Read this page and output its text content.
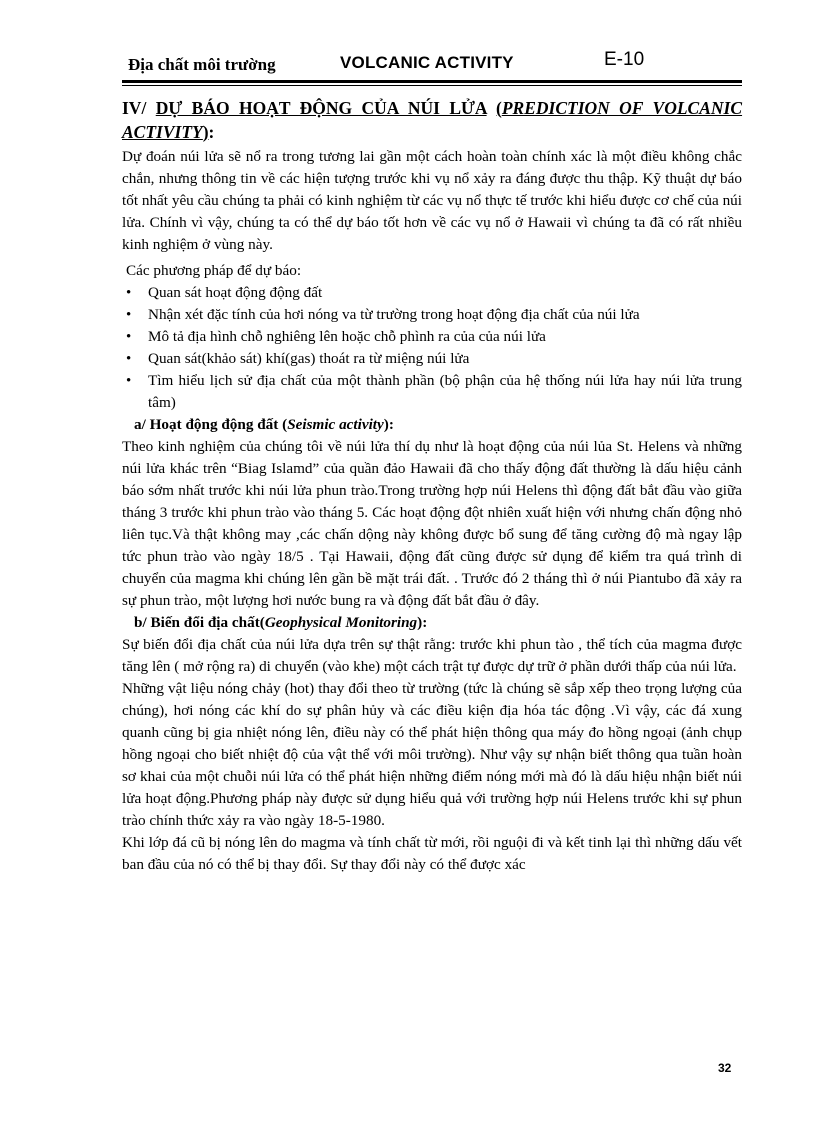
Địa chất môi trường	VOLCANIC ACTIVITY	E-10
IV/ DỰ BÁO HOẠT ĐỘNG CỦA NÚI LỬA (PREDICTION OF VOLCANIC ACTIVITY):

Dự đoán núi lửa sẽ nổ ra trong tương lai gần một cách hoàn toàn chính xác là một điều không chắc chắn, nhưng thông tin về các hiện tượng trước khi vụ nổ xảy ra đáng được thu thập. Kỹ thuật dự báo tốt nhất yêu cầu chúng ta phải có kinh nghiệm từ các vụ nổ thực tế trước khi hiểu được cơ chế của núi lửa. Chính vì vậy, chúng ta có thể dự báo tốt hơn về các vụ nổ ở Hawaii vì chúng ta đã có rất nhiều kinh nghiệm ở vùng này.

Các phương pháp để dự báo:

• Quan sát hoạt động động đất
• Nhận xét đặc tính của hơi nóng va từ trường trong hoạt động địa chất của núi lửa
• Mô tả địa hình chỗ nghiêng lên hoặc chỗ phình ra của của núi lửa
• Quan sát(khảo sát) khí(gas) thoát ra từ miệng núi lửa
• Tìm hiểu lịch sử địa chất của một thành phần (bộ phận của hệ thống núi lửa hay núi lửa trung tâm)
a/ Hoạt động động đất (Seismic activity):

Theo kinh nghiệm của chúng tôi về núi lửa thí dụ như là hoạt động của núi lủa St. Helens và những núi lửa khác trên “Biag Islamd” của quần đảo Hawaii đã cho thấy động đất thường là dấu hiệu cảnh báo sớm nhất trước khi núi lửa phun trào.Trong trường hợp núi Helens thì động đất bắt đầu vào giữa tháng 3 trước khi phun trào vào tháng 5. Các hoạt động đột nhiên xuất hiện với nhưng chấn động nhỏ liên tục.Và thật không may ,các chấn dộng này không được bổ sung để tăng cường độ mà ngay lập tức phun trào vào ngày 18/5 . Tại Hawaii, động đất cũng được sử dụng để kiểm tra quá trình di chuyển của magma khi chúng lên gần bề mặt trái đất. . Trước đó 2 tháng thì ở núi Piantubo đã xảy ra sự phun trào, một lượng hơi nước bung ra và động đất bắt đầu ở đây.

b/ Biến đổi địa chất(Geophysical Monitoring):

Sự biến đổi địa chất của núi lửa dựa trên sự thật rằng: trước khi phun tào , thể tích của magma được tăng lên ( mở rộng ra) di chuyển (vào khe) một cách trật tự được dự trữ ở phần dưới thấp của núi lửa.

Những vật liệu nóng chảy (hot) thay đổi theo từ trường (tức là chúng sẽ sắp xếp theo trọng lượng của chúng), hơi nóng các khí do sự phân hủy và các điều kiện địa hóa tác động .Vì vậy, các đá xung quanh cũng bị gia nhiệt nóng lên, điều này có thể phát hiện thông qua máy đo hồng ngoại (ảnh chụp hồng ngoại cho biết nhiệt độ của vật thể với môi trường). Như vậy sự nhận biết thông qua tuần hoàn sơ khai của một chuỗi núi lửa có thể phát hiện những điểm nóng mới mà đó là dấu hiệu nhận biết núi lửa hoạt động.Phương pháp này được sử dụng hiểu quả với trường hợp núi Helens trước khi sự phun trào chính thức xảy ra vào ngày 18-5-1980.

Khi lớp đá cũ bị nóng lên do magma và tính chất từ mới, rồi nguội đi và kết tinh lại thì những dấu vết ban đầu của nó có thể bị thay đổi. Sự thay đổi này có thể được xác

32
